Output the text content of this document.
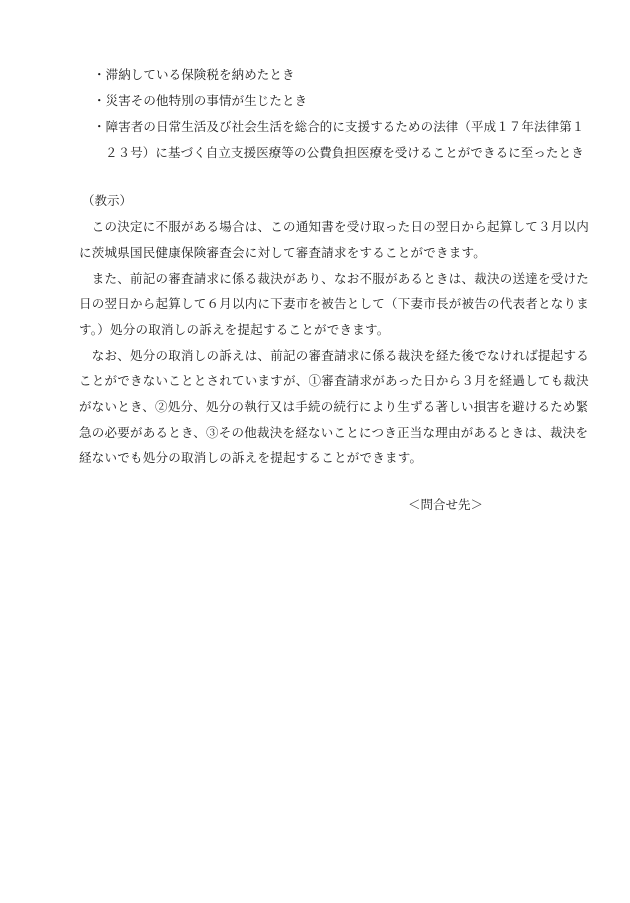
・滞納している保険税を納めたとき
・災害その他特別の事情が生じたとき
・障害者の日常生活及び社会生活を総合的に支援するための法律（平成１７年法律第１
２３号）に基づく自立支援医療等の公費負担医療を受けることができるに至ったとき
（教示）
　この決定に不服がある場合は、この通知書を受け取った日の翌日から起算して３月以内
に茨城県国民健康保険審査会に対して審査請求をすることができます。
　また、前記の審査請求に係る裁決があり、なお不服があるときは、裁決の送達を受けた
日の翌日から起算して６月以内に下妻市を被告として（下妻市長が被告の代表者となりま
す。）処分の取消しの訴えを提起することができます。
　なお、処分の取消しの訴えは、前記の審査請求に係る裁決を経た後でなければ提起する
ことができないこととされていますが、①審査請求があった日から３月を経過しても裁決
がないとき、②処分、処分の執行又は手続の続行により生ずる著しい損害を避けるため緊
急の必要があるとき、③その他裁決を経ないことにつき正当な理由があるときは、裁決を
経ないでも処分の取消しの訴えを提起することができます。
＜問合せ先＞
